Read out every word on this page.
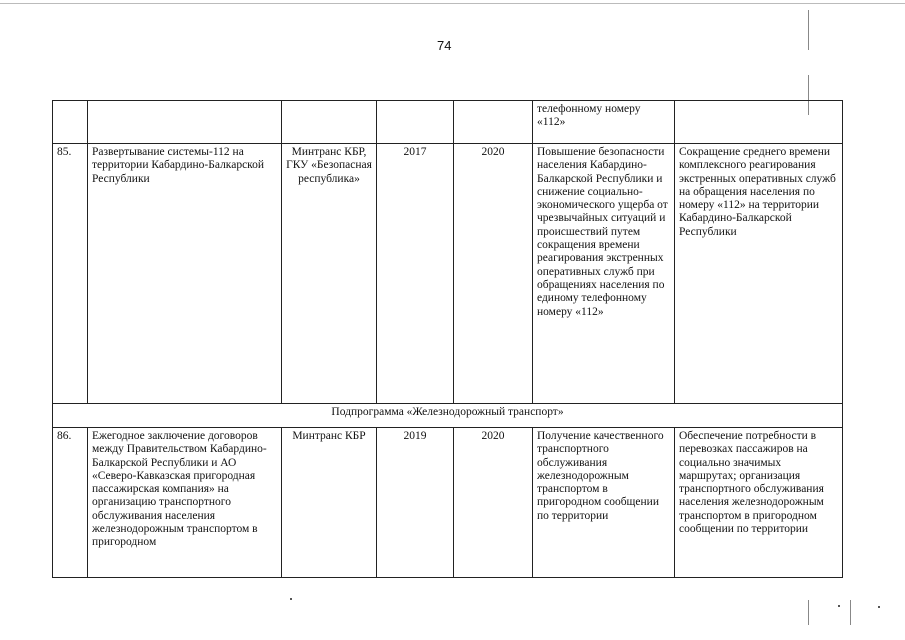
74
					телефонному номеру «112»	
85.	Развертывание системы-112 на территории Кабардино-Балкарской Республики	Минтранс КБР, ГКУ «Безопасная республика»	2017	2020	Повышение безопасности населения Кабардино-Балкарской Республики и снижение социально-экономического ущерба от чрезвычайных ситуаций и происшествий путем сокращения времени реагирования экстренных оперативных служб при обращениях населения по единому телефонному номеру «112»	Сокращение среднего времени комплексного реагирования экстренных оперативных служб на обращения населения по номеру «112» на территории Кабардино-Балкарской Республики
Подпрограмма «Железнодорожный транспорт»						
86.	Ежегодное заключение договоров между Правительством Кабардино-Балкарской Республики и АО «Северо-Кавказская пригородная пассажирская компания» на организацию транспортного обслуживания населения железнодорожным транспортом в пригородном	Минтранс КБР	2019	2020	Получение качественного транспортного обслуживания железнодорожным транспортом в пригородном сообщении по территории	Обеспечение потребности в перевозках пассажиров на социально значимых маршрутах; организация транспортного обслуживания населения железнодорожным транспортом в пригородном сообщении по территории
